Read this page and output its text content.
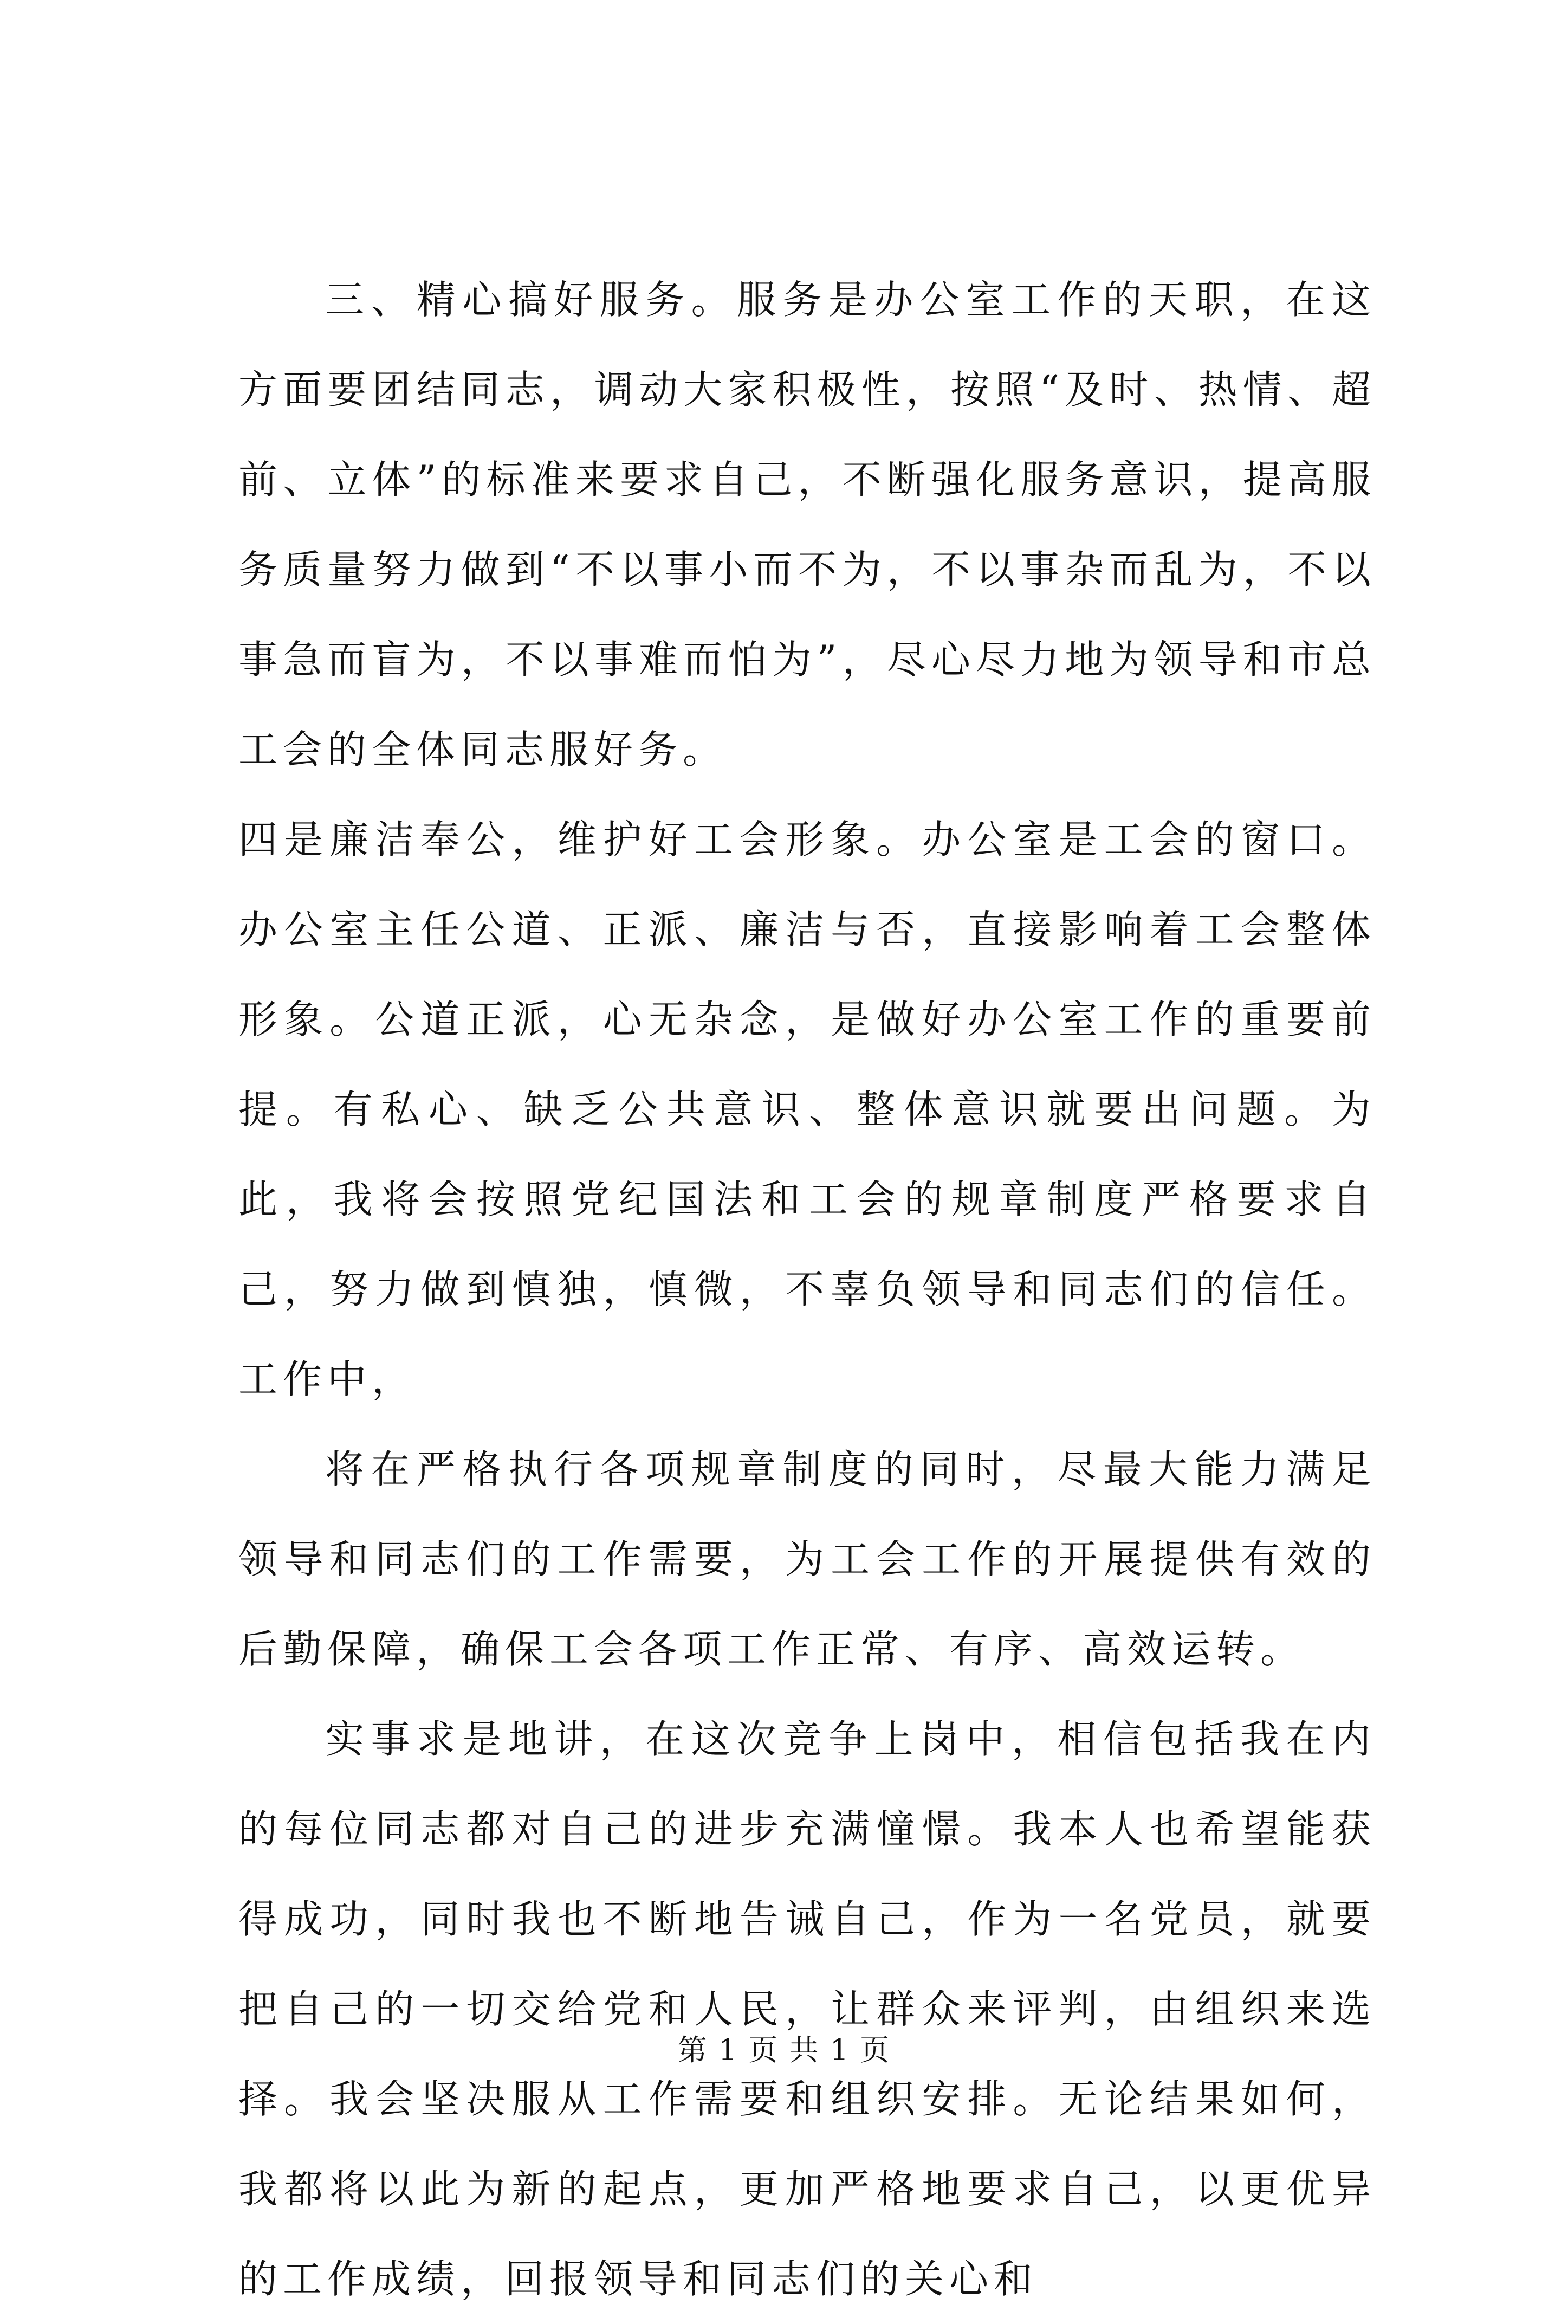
三、精心搞好服务。服务是办公室工作的天职，在这方面要团结同志，调动大家积极性，按照“及时、热情、超前、立体”的标准来要求自己，不断强化服务意识，提高服务质量努力做到“不以事小而不为，不以事杂而乱为，不以事急而盲为，不以事难而怕为”，尽心尽力地为领导和市总工会的全体同志服好务。

四是廉洁奉公，维护好工会形象。办公室是工会的窗口。办公室主任公道、正派、廉洁与否，直接影响着工会整体形象。公道正派，心无杂念，是做好办公室工作的重要前提。有私心、缺乏公共意识、整体意识就要出问题。为此，我将会按照党纪国法和工会的规章制度严格要求自己，努力做到慎独，慎微，不辜负领导和同志们的信任。工作中，

将在严格执行各项规章制度的同时，尽最大能力满足领导和同志们的工作需要，为工会工作的开展提供有效的后勤保障，确保工会各项工作正常、有序、高效运转。

实事求是地讲，在这次竞争上岗中，相信包括我在内的每位同志都对自己的进步充满憧憬。我本人也希望能获得成功，同时我也不断地告诫自己，作为一名党员，就要把自己的一切交给党和人民，让群众来评判，由组织来选择。我会坚决服从工作需要和组织安排。无论结果如何，我都将以此为新的起点，更加严格地要求自己，以更优异的工作成绩，回报领导和同志们的关心和

第 1 页 共 1 页
